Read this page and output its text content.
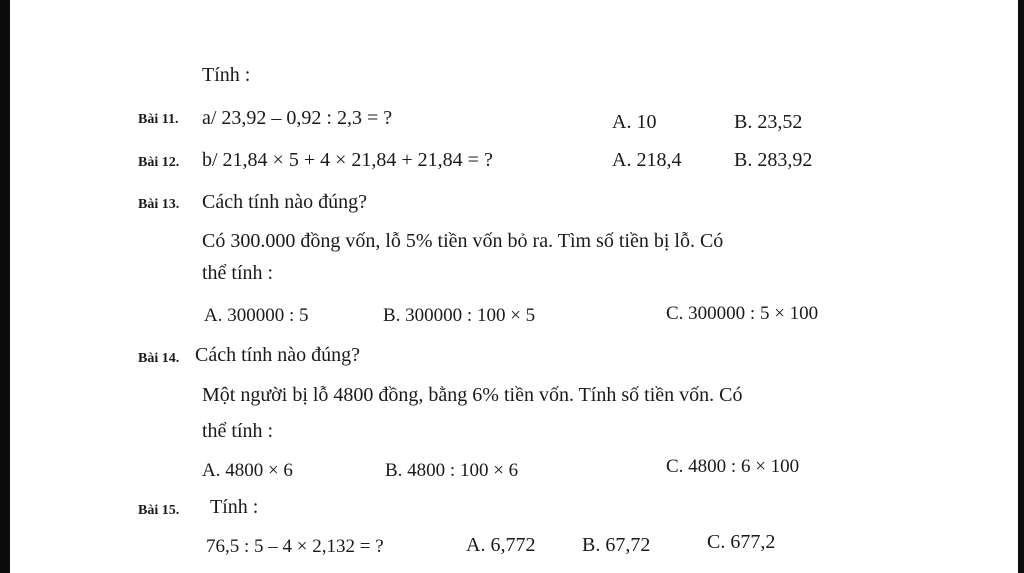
Tính :
Bài 11. a/ 23,92 – 0,92 : 2,3 = ?	A. 10	B. 23,52
Bài 12. b/ 21,84 × 5 + 4 × 21,84 + 21,84 = ?	A. 218,4	B. 283,92
Bài 13. Cách tính nào đúng?
Có 300.000 đồng vốn, lỗ 5% tiền vốn bỏ ra. Tìm số tiền bị lỗ. Có
thể tính :
A. 300000 : 5	B. 300000 : 100 × 5	C. 300000 : 5 × 100
Bài 14. Cách tính nào đúng?
Một người bị lỗ 4800 đồng, bằng 6% tiền vốn. Tính số tiền vốn. Có
thể tính :
A. 4800 × 6	B. 4800 : 100 × 6	C. 4800 : 6 × 100
Bài 15. Tính :
76,5 : 5 – 4 × 2,132 = ?	A. 6,772 B. 67,72	C. 677,2
